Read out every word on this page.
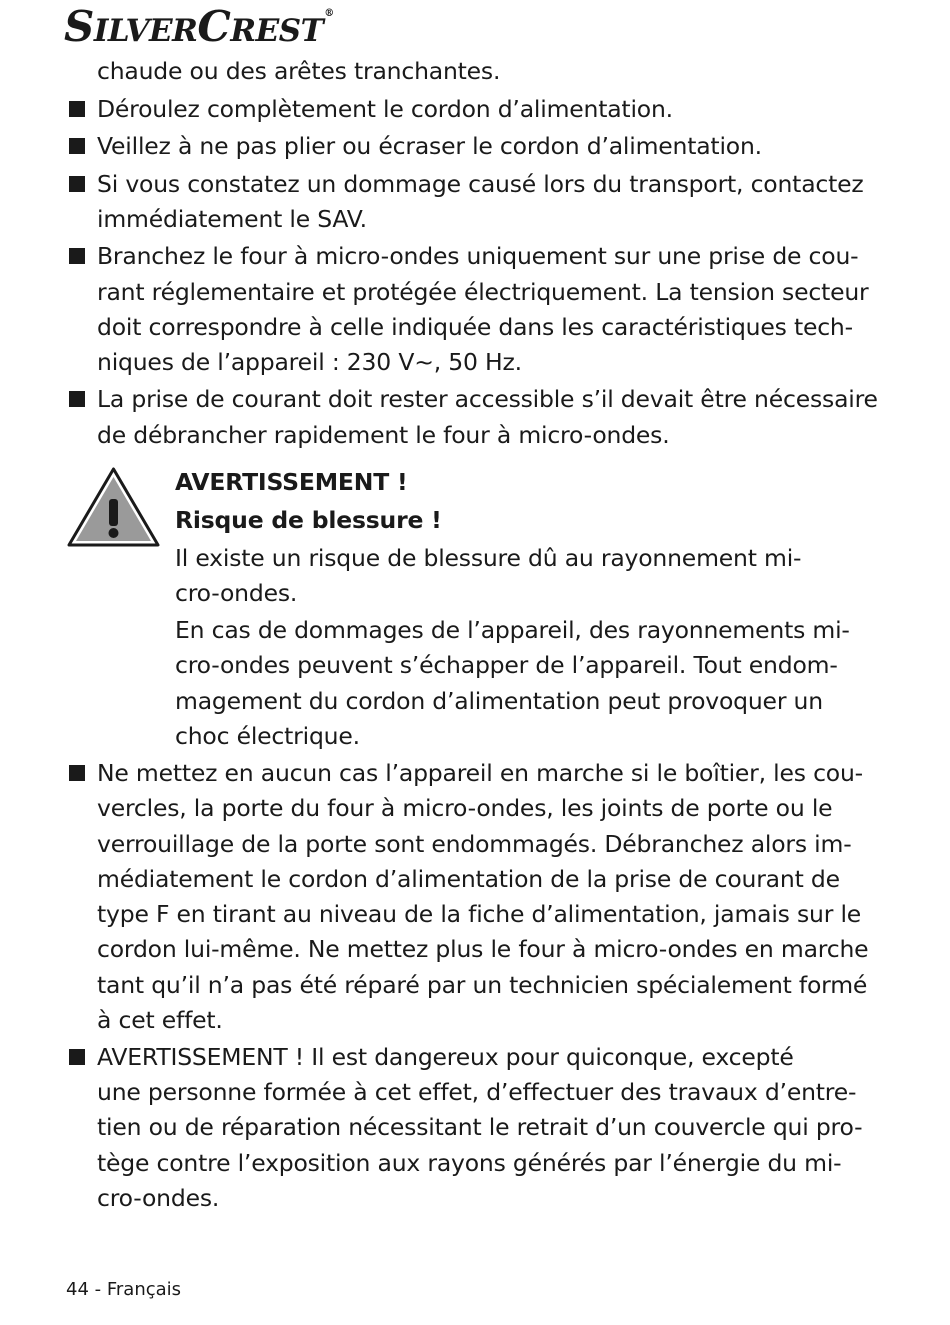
SILVERCREST®
chaude ou des arêtes tranchantes.
Déroulez complètement le cordon d’alimentation.
Veillez à ne pas plier ou écraser le cordon d’alimentation.
Si vous constatez un dommage causé lors du transport, contactez
immédiatement le SAV.
Branchez le four à micro-ondes uniquement sur une prise de cou-
rant réglementaire et protégée électriquement. La tension secteur
doit correspondre à celle indiquée dans les caractéristiques tech-
niques de l’appareil : 230 V~, 50 Hz.
La prise de courant doit rester accessible s’il devait être nécessaire
de débrancher rapidement le four à micro-ondes.
AVERTISSEMENT !
Risque de blessure !
Il existe un risque de blessure dû au rayonnement mi-
cro-ondes.
En cas de dommages de l’appareil, des rayonnements mi-
cro-ondes peuvent s’échapper de l’appareil. Tout endom-
magement du cordon d’alimentation peut provoquer un
choc électrique.
Ne mettez en aucun cas l’appareil en marche si le boîtier, les cou-
vercles, la porte du four à micro-ondes, les joints de porte ou le
verrouillage de la porte sont endommagés. Débranchez alors im-
médiatement le cordon d’alimentation de la prise de courant de
type F en tirant au niveau de la fiche d’alimentation, jamais sur le
cordon lui-même. Ne mettez plus le four à micro-ondes en marche
tant qu’il n’a pas été réparé par un technicien spécialement formé
à cet effet.
AVERTISSEMENT ! Il est dangereux pour quiconque, excepté
une personne formée à cet effet, d’effectuer des travaux d’entre-
tien ou de réparation nécessitant le retrait d’un couvercle qui pro-
tège contre l’exposition aux rayons générés par l’énergie du mi-
cro-ondes.
44 - Français
